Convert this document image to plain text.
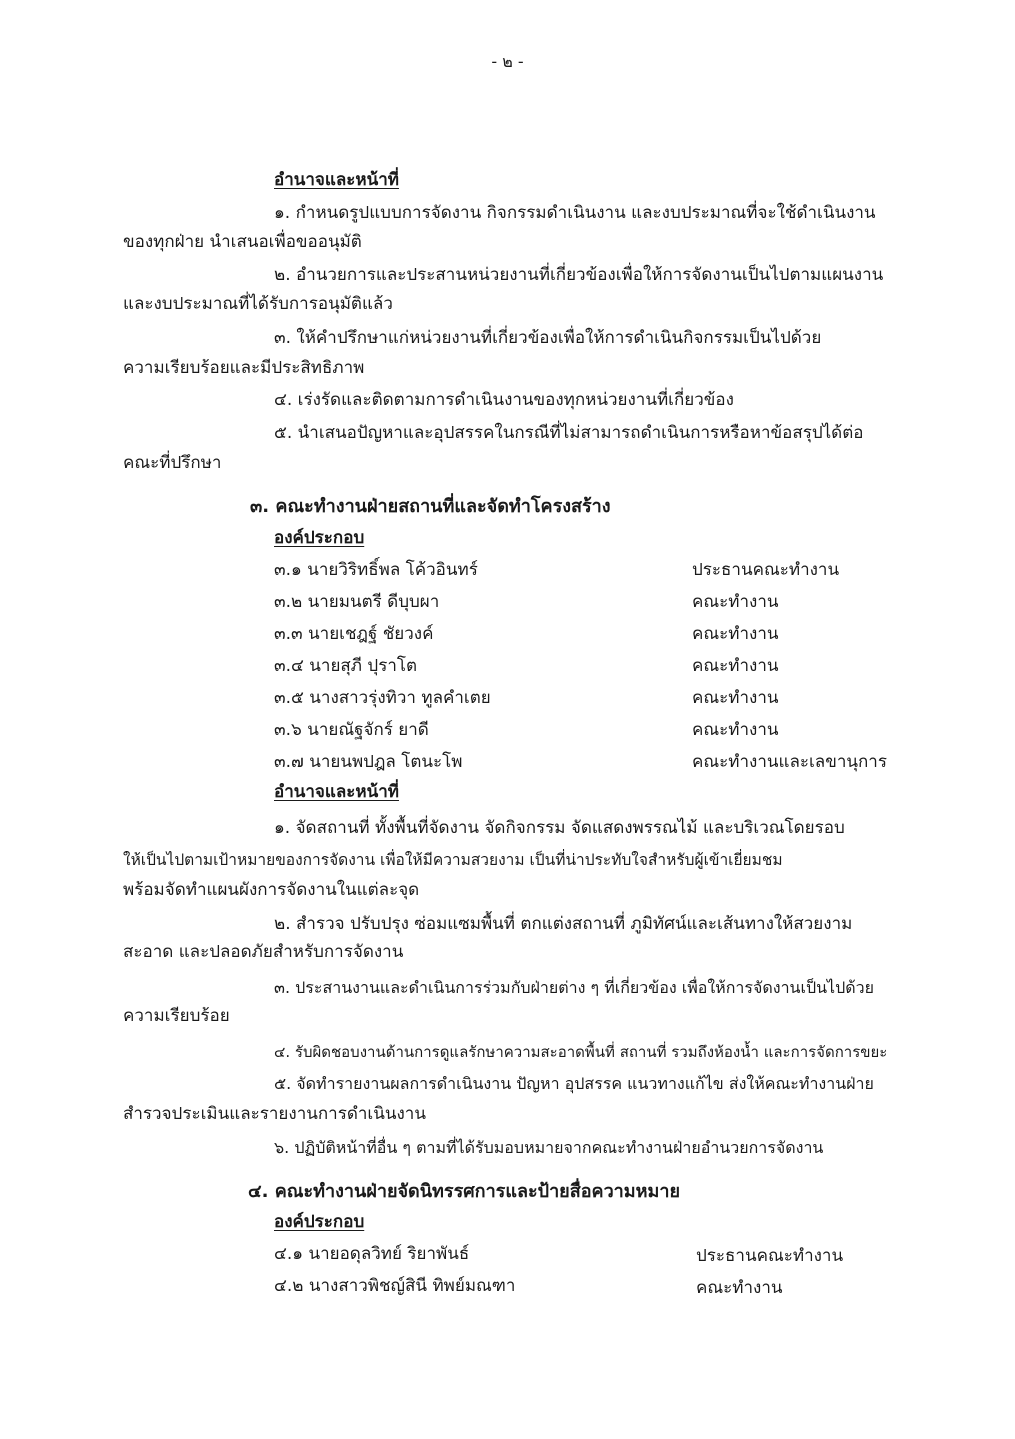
- ๒ -
อำนาจและหน้าที่
๑. กำหนดรูปแบบการจัดงาน กิจกรรมดำเนินงาน และงบประมาณที่จะใช้ดำเนินงาน
ของทุกฝ่าย นำเสนอเพื่อขออนุมัติ
๒. อำนวยการและประสานหน่วยงานที่เกี่ยวข้องเพื่อให้การจัดงานเป็นไปตามแผนงาน
และงบประมาณที่ได้รับการอนุมัติแล้ว
๓. ให้คำปรึกษาแก่หน่วยงานที่เกี่ยวข้องเพื่อให้การดำเนินกิจกรรมเป็นไปด้วย
ความเรียบร้อยและมีประสิทธิภาพ
๔. เร่งรัดและติดตามการดำเนินงานของทุกหน่วยงานที่เกี่ยวข้อง
๕. นำเสนอปัญหาและอุปสรรคในกรณีที่ไม่สามารถดำเนินการหรือหาข้อสรุปได้ต่อ
คณะที่ปรึกษา
๓. คณะทำงานฝ่ายสถานที่และจัดทำโครงสร้าง
องค์ประกอบ
๓.๑ นายวิริทธิ์พล โค้วอินทร์	ประธานคณะทำงาน
๓.๒ นายมนตรี ดีบุบผา	คณะทำงาน
๓.๓ นายเชฎฐ์ ชัยวงค์	คณะทำงาน
๓.๔ นายสุภี ปุราโต	คณะทำงาน
๓.๕ นางสาวรุ่งทิวา ทูลคำเตย	คณะทำงาน
๓.๖ นายณัฐจักร์ ยาดี	คณะทำงาน
๓.๗ นายนพปฎล โตนะโพ	คณะทำงานและเลขานุการ
อำนาจและหน้าที่
๑. จัดสถานที่ ทั้งพื้นที่จัดงาน จัดกิจกรรม จัดแสดงพรรณไม้ และบริเวณโดยรอบ
ให้เป็นไปตามเป้าหมายของการจัดงาน เพื่อให้มีความสวยงาม เป็นที่น่าประทับใจสำหรับผู้เข้าเยี่ยมชม
พร้อมจัดทำแผนผังการจัดงานในแต่ละจุด
๒. สำรวจ ปรับปรุง ซ่อมแซมพื้นที่ ตกแต่งสถานที่ ภูมิทัศน์และเส้นทางให้สวยงาม
สะอาด และปลอดภัยสำหรับการจัดงาน
๓. ประสานงานและดำเนินการร่วมกับฝ่ายต่าง ๆ ที่เกี่ยวข้อง เพื่อให้การจัดงานเป็นไปด้วย
ความเรียบร้อย
๔. รับผิดชอบงานด้านการดูแลรักษาความสะอาดพื้นที่ สถานที่ รวมถึงห้องน้ำ และการจัดการขยะ
๕. จัดทำรายงานผลการดำเนินงาน ปัญหา อุปสรรค แนวทางแก้ไข ส่งให้คณะทำงานฝ่าย
สำรวจประเมินและรายงานการดำเนินงาน
๖. ปฏิบัติหน้าที่อื่น ๆ ตามที่ได้รับมอบหมายจากคณะทำงานฝ่ายอำนวยการจัดงาน
๔. คณะทำงานฝ่ายจัดนิทรรศการและป้ายสื่อความหมาย
องค์ประกอบ
๔.๑ นายอดุลวิทย์ ริยาพันธ์	ประธานคณะทำงาน
๔.๒ นางสาวพิชญ์สินี ทิพย์มณฑา	คณะทำงาน
